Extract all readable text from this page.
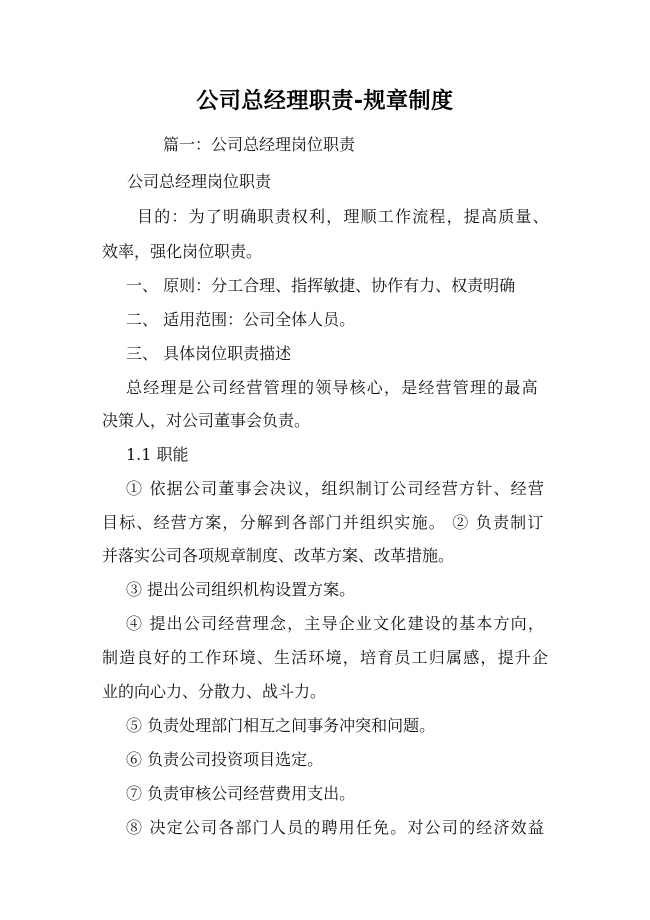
公司总经理职责-规章制度
篇一：公司总经理岗位职责
公司总经理岗位职责
目的：为了明确职责权利，理顺工作流程，提高质量、
效率，强化岗位职责。
一、 原则：分工合理、指挥敏捷、协作有力、权责明确
二、 适用范围：公司全体人员。
三、 具体岗位职责描述
总经理是公司经营管理的领导核心，是经营管理的最高
决策人，对公司董事会负责。
1.1 职能
① 依据公司董事会决议，组织制订公司经营方针、经营
目标、经营方案，分解到各部门并组织实施。 ② 负责制订
并落实公司各项规章制度、改革方案、改革措施。
③ 提出公司组织机构设置方案。
④ 提出公司经营理念，主导企业文化建设的基本方向，
制造良好的工作环境、生活环境，培育员工归属感，提升企
业的向心力、分散力、战斗力。
⑤ 负责处理部门相互之间事务冲突和问题。
⑥ 负责公司投资项目选定。
⑦ 负责审核公司经营费用支出。
⑧ 决定公司各部门人员的聘用任免。对公司的经济效益
